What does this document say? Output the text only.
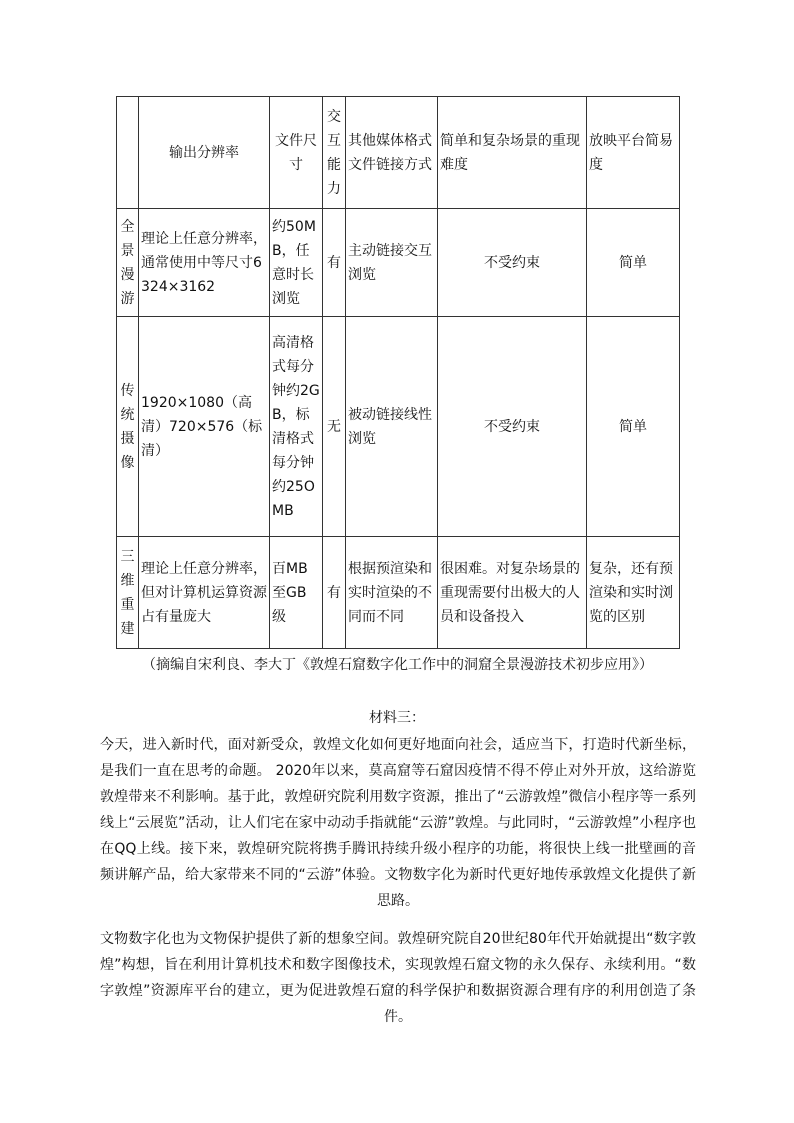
	输出分辨率	文件尺寸	交互能力	其他媒体格式文件链接方式	简单和复杂场景的重现难度	放映平台简易度
全景漫游	理论上任意分辨率，通常使用中等尺寸6324×3162	约50MB，任意时长浏览	有	主动链接交互浏览	不受约束	简单
传统摄像	1920×1080（高清）720×576（标清）	高清格式每分钟约2GB，标清格式每分钟约25OMB	无	被动链接线性浏览	不受约束	简单
三维重建	理论上任意分辨率，但对计算机运算资源占有量庞大	百MB至GB级	有	根据预渲染和实时渲染的不同而不同	很困难。对复杂场景的重现需要付出极大的人员和设备投入	复杂，还有预渲染和实时浏览的区别
（摘编自宋利良、李大丁《敦煌石窟数字化工作中的洞窟全景漫游技术初步应用》）
材料三：
今天，进入新时代，面对新受众，敦煌文化如何更好地面向社会，适应当下，打造时代新坐标，是我们一直在思考的命题。 2020年以来，莫高窟等石窟因疫情不得不停止对外开放，这给游览敦煌带来不利影响。基于此，敦煌研究院利用数字资源，推出了“云游敦煌”微信小程序等一系列线上“云展览”活动，让人们宅在家中动动手指就能“云游”敦煌。与此同时，“云游敦煌”小程序也在QQ上线。接下来，敦煌研究院将携手腾讯持续升级小程序的功能，将很快上线一批壁画的音频讲解产品，给大家带来不同的“云游”体验。文物数字化为新时代更好地传承敦煌文化提供了新思路。
文物数字化也为文物保护提供了新的想象空间。敦煌研究院自20世纪80年代开始就提出“数字敦煌”构想，旨在利用计算机技术和数字图像技术，实现敦煌石窟文物的永久保存、永续利用。“数字敦煌”资源库平台的建立，更为促进敦煌石窟的科学保护和数据资源合理有序的利用创造了条件。
